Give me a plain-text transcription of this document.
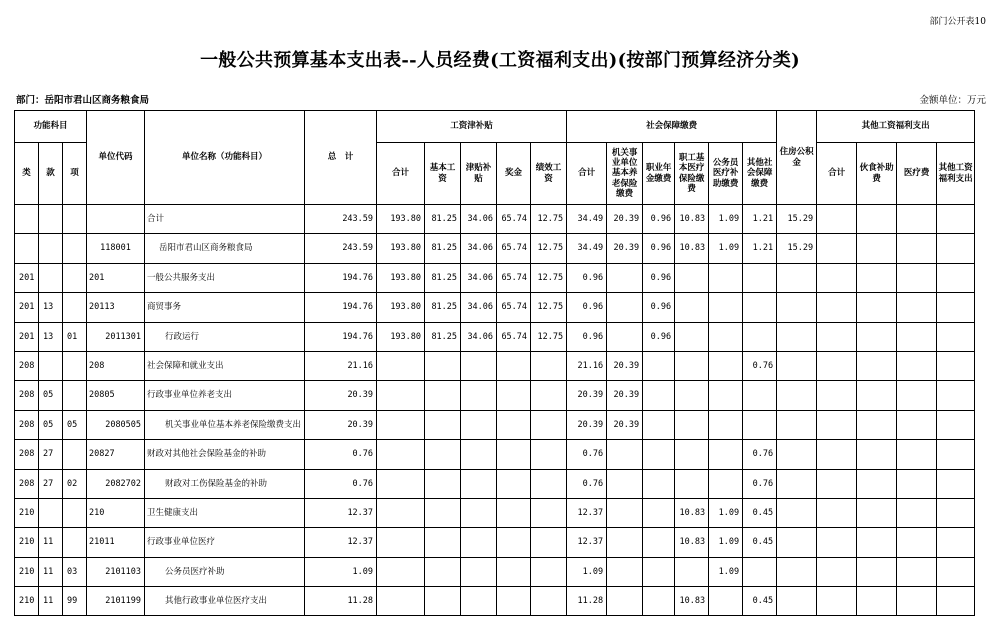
部门公开表10
一般公共预算基本支出表--人员经费(工资福利支出)(按部门预算经济分类)
部门：岳阳市君山区商务粮食局	金额单位：万元
功能科目			单位代码	单位名称（功能科目）	总　计	工资津补贴					社会保障缴费						住房公积金	其他工资福利支出			
类	款	项				合计	基本工资	津贴补贴	奖金	绩效工资	合计	机关事业单位基本养老保险缴费	职业年金缴费	职工基本医疗保险缴费	公务员医疗补助缴费	其他社会保障缴费		合计	伙食补助费	医疗费	其他工资福利支出
				合计	243.59	193.80	81.25	34.06	65.74	12.75	34.49	20.39	0.96	10.83	1.09	1.21	15.29				
			118001	岳阳市君山区商务粮食局	243.59	193.80	81.25	34.06	65.74	12.75	34.49	20.39	0.96	10.83	1.09	1.21	15.29				
201			201	一般公共服务支出	194.76	193.80	81.25	34.06	65.74	12.75	0.96		0.96								
201	13		20113	商贸事务	194.76	193.80	81.25	34.06	65.74	12.75	0.96		0.96								
201	13	01	2011301	行政运行	194.76	193.80	81.25	34.06	65.74	12.75	0.96		0.96								
208			208	社会保障和就业支出	21.16						21.16	20.39				0.76					
208	05		20805	行政事业单位养老支出	20.39						20.39	20.39									
208	05	05	2080505	机关事业单位基本养老保险缴费支出	20.39						20.39	20.39									
208	27		20827	财政对其他社会保险基金的补助	0.76						0.76					0.76					
208	27	02	2082702	财政对工伤保险基金的补助	0.76						0.76					0.76					
210			210	卫生健康支出	12.37						12.37			10.83	1.09	0.45					
210	11		21011	行政事业单位医疗	12.37						12.37			10.83	1.09	0.45					
210	11	03	2101103	公务员医疗补助	1.09						1.09				1.09						
210	11	99	2101199	其他行政事业单位医疗支出	11.28						11.28			10.83		0.45					
